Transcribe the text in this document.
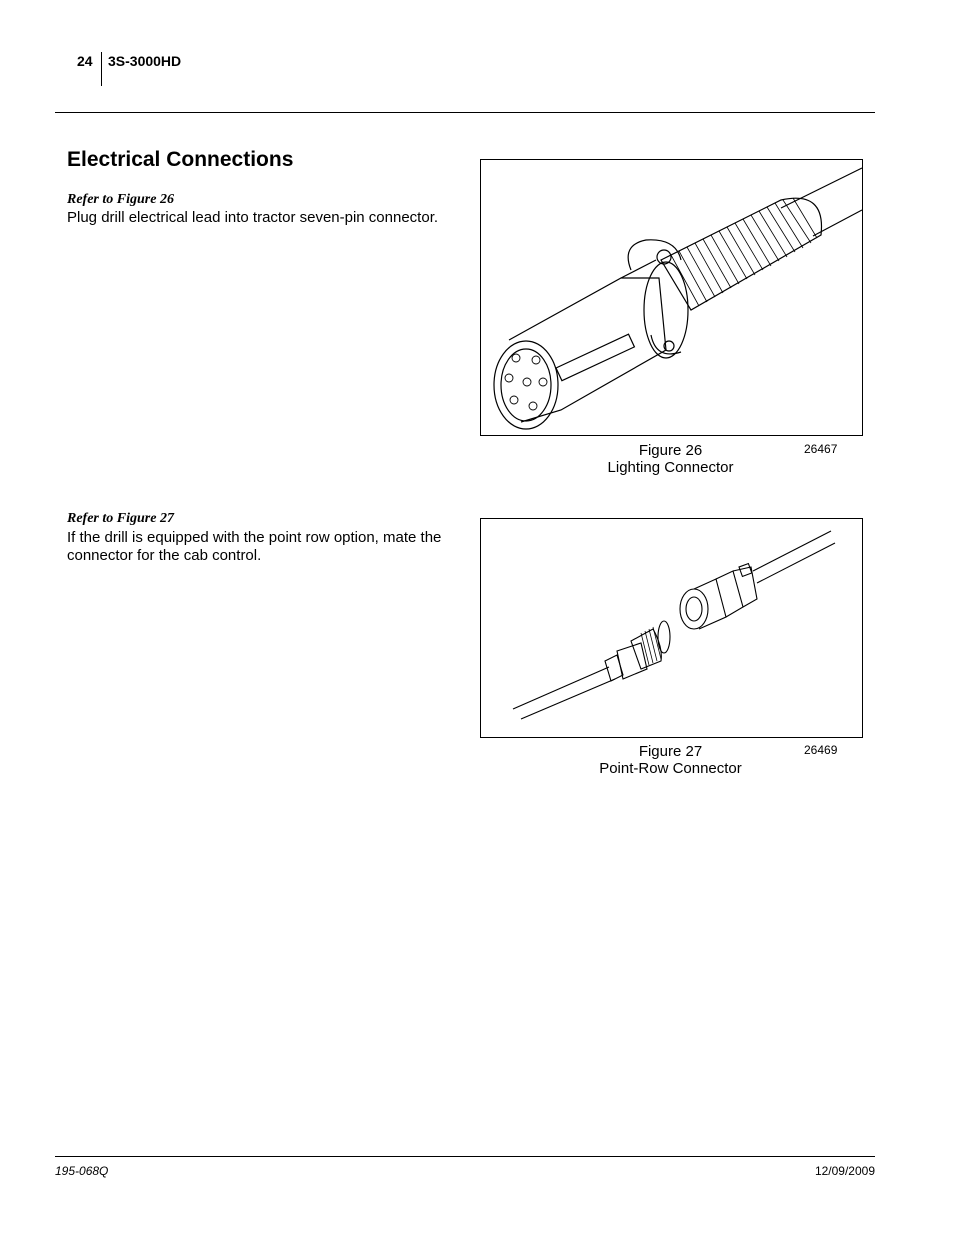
24 3S-3000HD
Electrical Connections
Refer to Figure 26
Plug drill electrical lead into tractor seven-pin connector.
Figure 26
Lighting Connector
26467
Refer to Figure 27
If the drill is equipped with the point row option, mate the connector for the cab control.
Figure 27
Point-Row Connector
26469
195-068Q	12/09/2009
